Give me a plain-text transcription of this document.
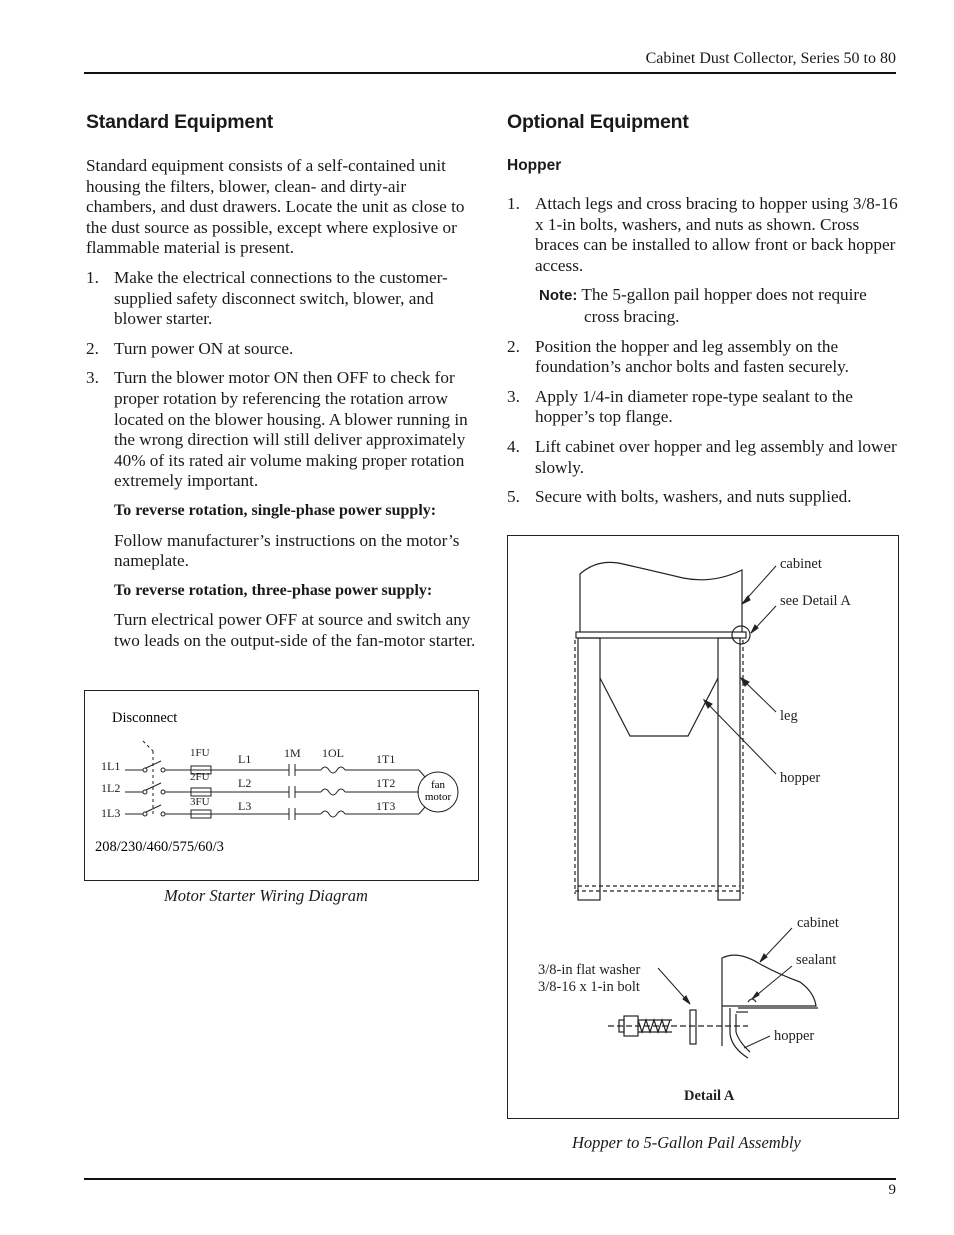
Cabinet Dust Collector, Series 50 to 80
Standard Equipment

Standard equipment consists of a self-contained unit housing the filters, blower, clean- and dirty-air chambers, and dust drawers. Locate the unit as close to the dust source as possible, except where explosive or flammable material is present.

1. Make the electrical connections to the customer-supplied safety disconnect switch, blower, and blower starter.
2. Turn power ON at source.
3. Turn the blower motor ON then OFF to check for proper rotation by referencing the rotation arrow located on the blower housing. A blower running in the wrong direction will still deliver approximately 40% of its rated air volume making proper rotation extremely important.
To reverse rotation, single-phase power supply:
Follow manufacturer’s instructions on the motor’s nameplate.
To reverse rotation, three-phase power supply:
Turn electrical power OFF at source and switch any two leads on the output-side of the fan-motor starter.
Disconnect
1L1
1L2
1L3
1FU
2FU
3FU
L1
L2
L3
1M 1OL	1T1
1T2
1T3
fan
motor
208/230/460/575/60/3
Motor Starter Wiring Diagram
Optional Equipment
Hopper
1. Attach legs and cross bracing to hopper using 3/8-16 x 1-in bolts, washers, and nuts as shown. Cross braces can be installed to allow front or back hopper access.
Note: The 5-gallon pail hopper does not require cross bracing.
2. Position the hopper and leg assembly on the foundation’s anchor bolts and fasten securely.
3. Apply 1/4-in diameter rope-type sealant to the hopper’s top flange.
4. Lift cabinet over hopper and leg assembly and lower slowly.
5. Secure with bolts, washers, and nuts supplied.
cabinet
see Detail A
leg
hopper
cabinet
sealant
3/8-in flat washer
3/8-16 x 1-in bolt
hopper
Detail A
Hopper to 5-Gallon Pail Assembly
9
